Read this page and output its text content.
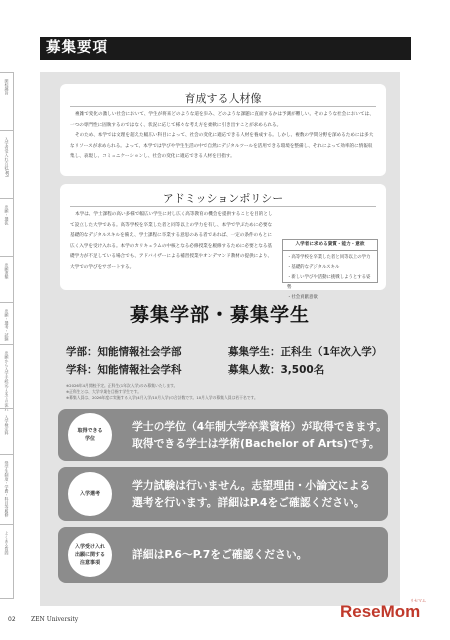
開校趣旨
入学者受入れ方針(AP)
出願・選抜
出願書類
出願・選考・試験
出願から入学手続完了までの流れ
入学検定料
奨学生制度・学費・科目等履修
よくある質問
募集要項
育成する人材像
複雑で変化の激しい社会において、学生が将来どのような道を歩み、どのような課題に直面するかは予測が難しい。そのような社会においては、一つの専門性に固執するのではなく、状況に応じて様々な考え方を柔軟に引き出すことが求められる。
そのため、本学では文理を超えた幅広い科目によって、社会の変化に適応できる人材を養成する。しかし、複数の学問分野を深めるためには多大なリソースが求められる。よって、本学では学びや学生生活の中で自然にデジタルツールを活用できる環境を整備し、それによって効率的に情報収集し、表現し、コミュニケーションし、社会の変化に適応できる人材を目指す。
アドミッションポリシー
本学は、学士課程の高い多様で幅広い学生に対し広く高等教育の機会を提供することを目的として設立した大学である。高等学校を卒業した者と同等以上の学力を有し、本学で学ぶために必要な基礎的なデジタルスキルを備え、学士課程に卒業する意思のある者であれば、一定の条件のもとに広く入学を受け入れる。本学のカリキュラムの中核となる必修授業を履修するために必要となる基礎学力が不足している場合でも、アドバイザーによる補習授業やオンデマンド教材の提供により、大学での学びをサポートする。
入学者に求める資質・能力・意欲
・高等学校を卒業した者と同等以上の学力
・基礎的なデジタルスキル
・新しい学びや活動に挑戦しようとする姿勢
・社会貢献意欲
募集学部・募集学生
学部：知能情報社会学部
学科：知能情報社会学科
募集学生：正科生（1年次入学）
募集人数：3,500名
※2026年4月開校予定。正科生(1年次入学)のみ募集いたします。
※正科生とは、大学卒業を目指す学生です。
※募集人員は、2026年度に実施する入学(4月入学/10月入学)の合計数です。10月入学の募集人員は若干名です。
取得できる
学位
学士の学位（4年制大学卒業資格）が取得できます。
取得できる学士は学術(Bachelor of Arts)です。
入学選考
学力試験は行いません。志望理由・小論文による
選考を行います。詳細はP.4をご確認ください。
入学受け入れ
出願に関する
注意事項
詳細はP.6〜P.7をご確認ください。
02	ZEN University	ReseMom
リセマム
